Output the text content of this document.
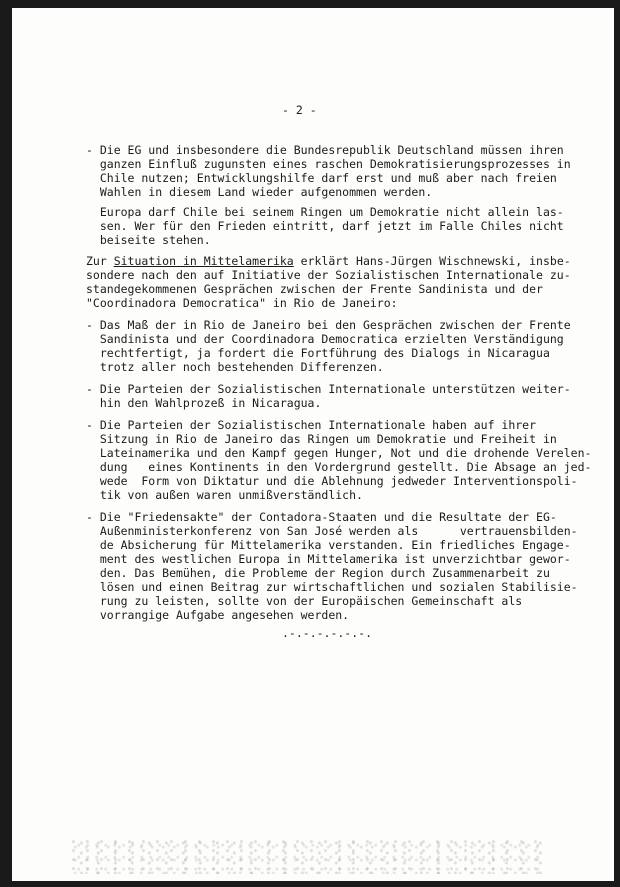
- 2 -
- Die EG und insbesondere die Bundesrepublik Deutschland müssen ihren
ganzen Einfluß zugunsten eines raschen Demokratisierungsprozesses in
Chile nutzen; Entwicklungshilfe darf erst und muß aber nach freien
Wahlen in diesem Land wieder aufgenommen werden.
Europa darf Chile bei seinem Ringen um Demokratie nicht allein las-
sen. Wer für den Frieden eintritt, darf jetzt im Falle Chiles nicht
beiseite stehen.
Zur Situation in Mittelamerika erklärt Hans-Jürgen Wischnewski, insbe-
sondere nach den auf Initiative der Sozialistischen Internationale zu-
standegekommenen Gesprächen zwischen der Frente Sandinista und der
"Coordinadora Democratica" in Rio de Janeiro:
- Das Maß der in Rio de Janeiro bei den Gesprächen zwischen der Frente
Sandinista und der Coordinadora Democratica erzielten Verständigung
rechtfertigt, ja fordert die Fortführung des Dialogs in Nicaragua
trotz aller noch bestehenden Differenzen.
- Die Parteien der Sozialistischen Internationale unterstützen weiter-
hin den Wahlprozeß in Nicaragua.
- Die Parteien der Sozialistischen Internationale haben auf ihrer
Sitzung in Rio de Janeiro das Ringen um Demokratie und Freiheit in
Lateinamerika und den Kampf gegen Hunger, Not und die drohende Verelen-
dung   eines Kontinents in den Vordergrund gestellt. Die Absage an jed-
wede  Form von Diktatur und die Ablehnung jedweder Interventionspoli-
tik von außen waren unmißverständlich.
- Die "Friedensakte" der Contadora-Staaten und die Resultate der EG-
Außenministerkonferenz von San José werden als      vertrauensbilden-
de Absicherung für Mittelamerika verstanden. Ein friedliches Engage-
ment des westlichen Europa in Mittelamerika ist unverzichtbar gewor-
den. Das Bemühen, die Probleme der Region durch Zusammenarbeit zu
lösen und einen Beitrag zur wirtschaftlichen und sozialen Stabilisie-
rung zu leisten, sollte von der Europäischen Gemeinschaft als
vorrangige Aufgabe angesehen werden.
.-.-.-.-.-.-.
